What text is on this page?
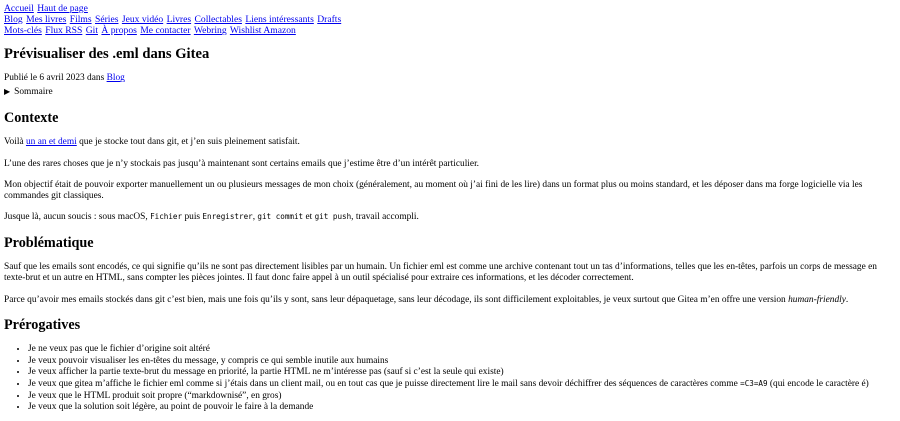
Accueil Haut de page
Blog Mes livres Films Séries Jeux vidéo Livres Collectables Liens intéressants Drafts
Mots-clés Flux RSS Git À propos Me contacter Webring Wishlist Amazon
Prévisualiser des .eml dans Gitea

Publié le 6 avril 2023 dans Blog

▶ Sommaire
Contexte

Voilà un an et demi que je stocke tout dans git, et j’en suis pleinement satisfait.

L’une des rares choses que je n’y stockais pas jusqu’à maintenant sont certains emails que j’estime être d’un intérêt particulier.

Mon objectif était de pouvoir exporter manuellement un ou plusieurs messages de mon choix (généralement, au moment où j’ai fini de les lire) dans un format plus ou moins standard, et les déposer dans ma forge logicielle via les commandes git classiques.

Jusque là, aucun soucis : sous macOS, Fichier puis Enregistrer, git commit et git push, travail accompli.

Problématique

Sauf que les emails sont encodés, ce qui signifie qu’ils ne sont pas directement lisibles par un humain. Un fichier eml est comme une archive contenant tout un tas d’informations, telles que les en-têtes, parfois un corps de message en texte-brut et un autre en HTML, sans compter les pièces jointes. Il faut donc faire appel à un outil spécialisé pour extraire ces informations, et les décoder correctement.

Parce qu’avoir mes emails stockés dans git c’est bien, mais une fois qu’ils y sont, sans leur dépaquetage, sans leur décodage, ils sont difficilement exploitables, je veux surtout que Gitea m’en offre une version human-friendly.

Prérogatives
• Je ne veux pas que le fichier d’origine soit altéré
• Je veux pouvoir visualiser les en-têtes du message, y compris ce qui semble inutile aux humains
• Je veux afficher la partie texte-brut du message en priorité, la partie HTML ne m’intéresse pas (sauf si c’est la seule qui existe)
• Je veux que gitea m’affiche le fichier eml comme si j’étais dans un client mail, ou en tout cas que je puisse directement lire le mail sans devoir déchiffrer des séquences de caractères comme =C3=A9 (qui encode le caractère é)
• Je veux que le HTML produit soit propre (“markdownisé”, en gros)
• Je veux que la solution soit légère, au point de pouvoir le faire à la demande
